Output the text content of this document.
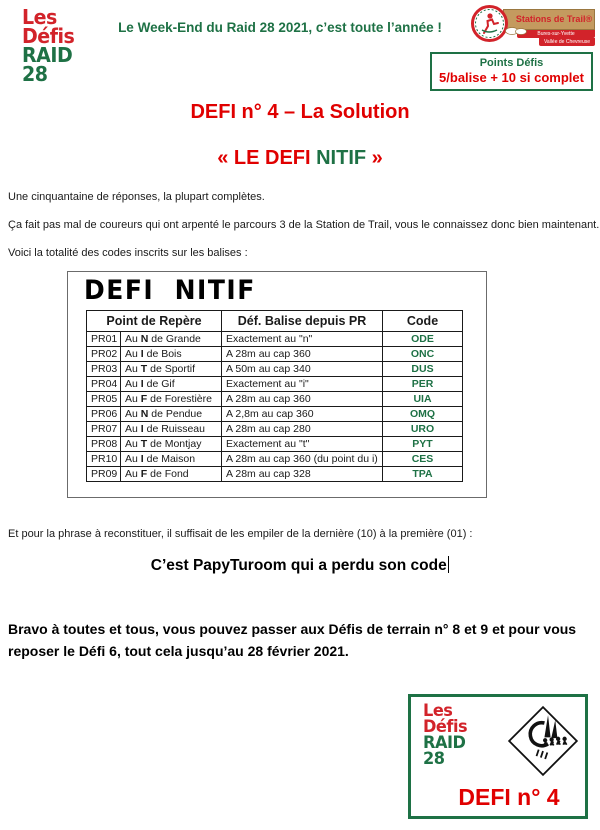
Les
Défis
RAID
28
Le Week-End du Raid 28 2021, c’est toute l’année !
Stations de Trail®
Bures-sur-Yvette
Vallée de Chevreuse
Points Défis
5/balise + 10 si complet
DEFI n° 4 – La Solution
« LE DEFI NITIF »
Une cinquantaine de réponses, la plupart complètes.
Ça fait pas mal de coureurs qui ont arpenté le parcours 3 de la Station de Trail, vous le connaissez donc bien maintenant.
Voici la totalité des codes inscrits sur les balises :
DEFI  NITIF
Point de Repère		Déf. Balise depuis PR	Code
PR01	Au N de Grande	Exactement au "n"	ODE
PR02	Au I de Bois	A 28m au cap 360	ONC
PR03	Au T de Sportif	A 50m au cap 340	DUS
PR04	Au I de Gif	Exactement au "i"	PER
PR05	Au F de Forestière	A 28m au cap 360	UIA
PR06	Au N de Pendue	A 2,8m au cap 360	OMQ
PR07	Au I de Ruisseau	A 28m au cap 280	URO
PR08	Au T de Montjay	Exactement au "t"	PYT
PR10	Au I de Maison	A 28m au cap 360 (du point du i)	CES
PR09	Au F de Fond	A 28m au cap 328	TPA
Et pour la phrase à reconstituer, il suffisait de les empiler de la dernière (10) à la première (01) :
C’est PapyTuroom qui a perdu son code
Bravo à toutes et tous, vous pouvez passer aux Défis de terrain n° 8 et 9 et pour vous reposer le Défi 6, tout cela jusqu’au 28 février 2021.
Les
Défis
RAID
28
DEFI n° 4
